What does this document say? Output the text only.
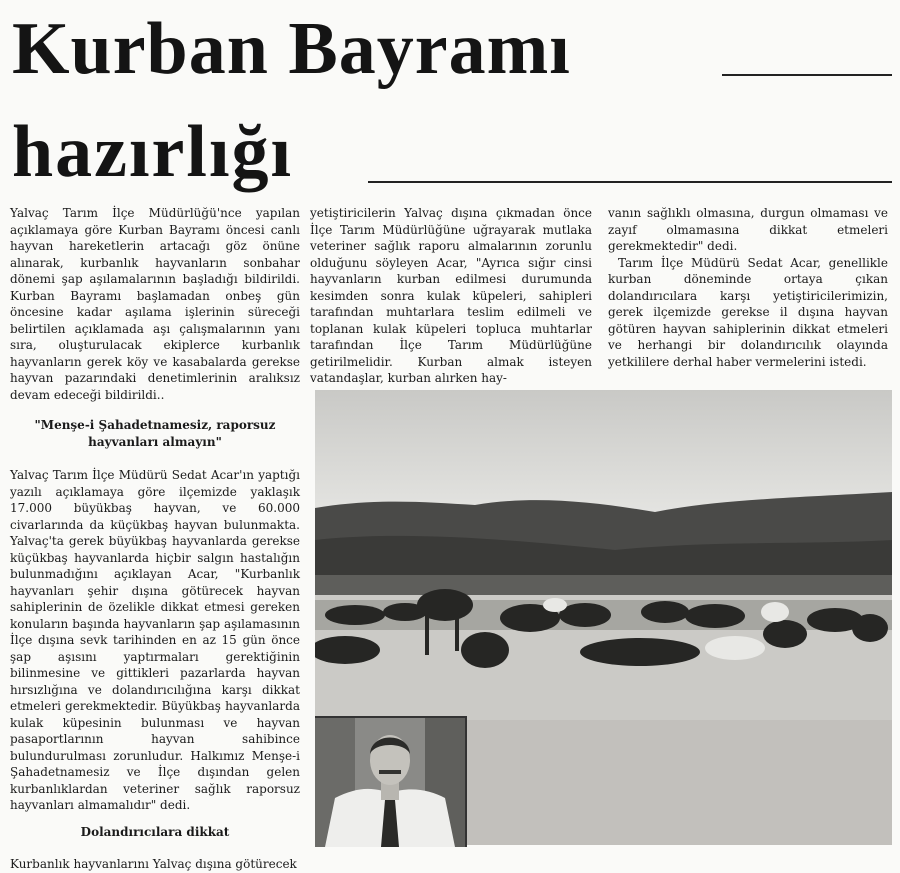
Kurban Bayramı
hazırlığı

Yalvaç Tarım İlçe Müdürlüğü'nce yapılan açıklamaya göre Kurban Bayramı öncesi canlı hayvan hareketlerin artacağı göz önüne alınarak, kurbanlık hayvanların sonbahar dönemi şap aşılamalarının başladığı bildirildi. Kurban Bayramı başlamadan onbeş gün öncesine kadar aşılama işlerinin süreceği belirtilen açıklamada aşı çalışmalarının yanı sıra, oluşturulacak ekiplerce kurbanlık hayvanların gerek köy ve kasabalarda gerekse hayvan pazarındaki denetimlerinin aralıksız devam edeceği bildirildi..

"Menşe-i Şahadetnamesiz, raporsuz hayvanları almayın"

Yalvaç Tarım İlçe Müdürü Sedat Acar'ın yaptığı yazılı açıklamaya göre ilçemizde yaklaşık 17.000 büyükbaş hayvan, ve 60.000 civarlarında da küçükbaş hayvan bulunmakta. Yalvaç'ta gerek büyükbaş hayvanlarda gerekse küçükbaş hayvanlarda hiçbir salgın hastalığın bulunmadığını açıklayan Acar, "Kurbanlık hayvanları şehir dışına götürecek hayvan sahiplerinin de özelikle dikkat etmesi gereken konuların başında hayvanların şap aşılamasının İlçe dışına sevk tarihinden en az 15 gün önce şap aşısını yaptırmaları gerektiğinin bilinmesine ve gittikleri pazarlarda hayvan hırsızlığına ve dolandırıcılığına karşı dikkat etmeleri gerekmektedir. Büyükbaş hayvanlarda kulak küpesinin bulunması ve hayvan pasaportlarının hayvan sahibince bulundurulması zorunludur. Halkımız Menşe-i Şahadetnamesiz ve İlçe dışından gelen kurbanlıklardan veteriner sağlık raporsuz hayvanları almamalıdır" dedi.

Dolandırıcılara dikkat

Kurbanlık hayvanlarını Yalvaç dışına götürecek

yetiştiricilerin Yalvaç dışına çıkmadan önce İlçe Tarım Müdürlüğüne uğrayarak mutlaka veteriner sağlık raporu almalarının zorunlu olduğunu söyleyen Acar, "Ayrıca sığır cinsi hayvanların kurban edilmesi durumunda kesimden sonra kulak küpeleri, sahipleri tarafından muhtarlara teslim edilmeli ve toplanan kulak küpeleri topluca muhtarlar tarafından İlçe Tarım Müdürlüğüne getirilmelidir. Kurban almak isteyen vatandaşlar, kurban alırken hay-

vanın sağlıklı olmasına, durgun olmaması ve zayıf olmamasına dikkat etmeleri gerekmektedir" dedi.

Tarım İlçe Müdürü Sedat Acar, genellikle kurban döneminde ortaya çıkan dolandırıcılara karşı yetiştiricilerimizin, gerek ilçemizde gerekse il dışına hayvan götüren hayvan sahiplerinin dikkat etmeleri ve herhangi bir dolandırıcılık olayında yetkililere derhal haber vermelerini istedi.
